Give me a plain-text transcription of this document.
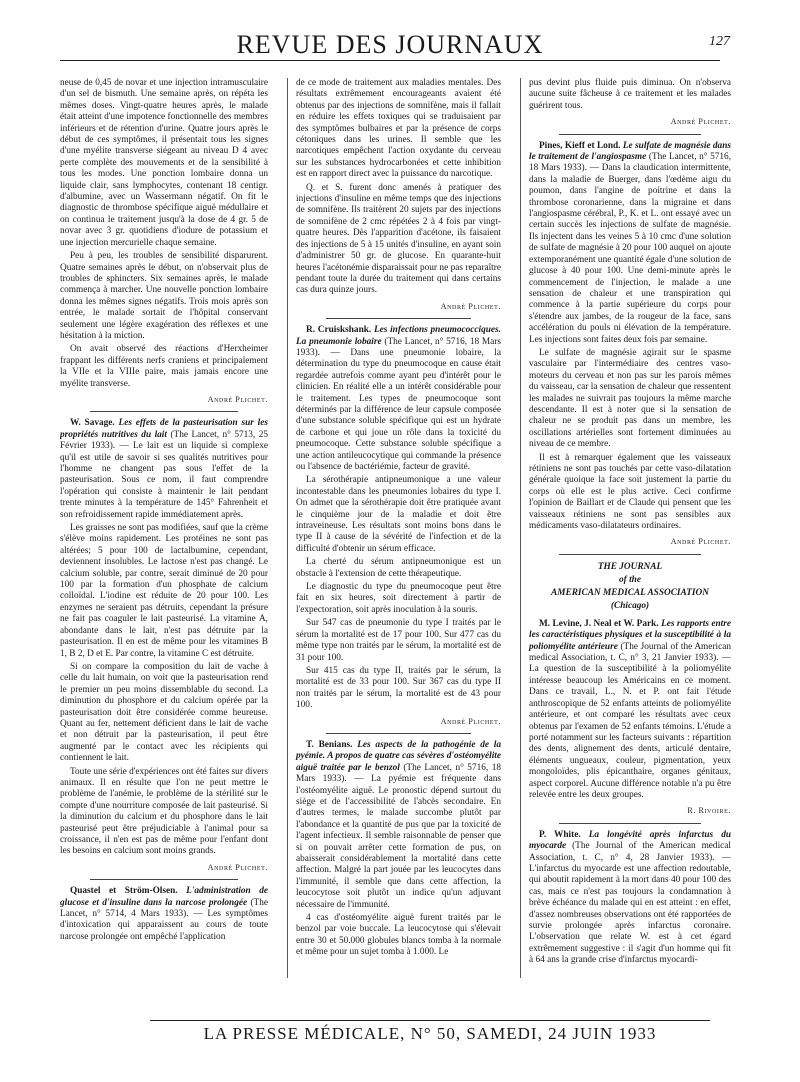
REVUE DES JOURNAUX	127

neuse de 0,45 de novar et une injection intramusculaire d'un sel de bismuth. Une semaine après, on répéta les mêmes doses. Vingt-quatre heures après, le malade était atteint d'une impotence fonctionnelle des membres inférieurs et de rétention d'urine. Quatre jours après le début de ces symptômes, il présentait tous les signes d'une myélite transverse siégeant au niveau D 4 avec perte complète des mouvements et de la sensibilité à tous les modes. Une ponction lombaire donna un liquide clair, sans lymphocytes, contenant 18 centigr. d'albumine, avec un Wassermann négatif. On fit le diagnostic de thrombose spécifique aiguë médullaire et on continua le traitement jusqu'à la dose de 4 gr. 5 de novar avec 3 gr. quotidiens d'iodure de potassium et une injection mercurielle chaque semaine.

Peu à peu, les troubles de sensibilité disparurent. Quatre semaines après le début, on n'observait plus de troubles de sphincters. Six semaines après, le malade commença à marcher. Une nouvelle ponction lombaire donna les mêmes signes négatifs. Trois mois après son entrée, le malade sortait de l'hôpital conservant seulement une légère exagération des réflexes et une hésitation à la miction.

On avait observé des réactions d'Herxheimer frappant les différents nerfs craniens et principalement la VIIe et la VIIIe paire, mais jamais encore une myélite transverse.

André Plichet.

W. Savage. Les effets de la pasteurisation sur les propriétés nutritives du lait (The Lancet, n° 5713, 25 Février 1933). — Le lait est un liquide si complexe qu'il est utile de savoir si ses qualités nutritives pour l'homme ne changent pas sous l'effet de la pasteurisation. Sous ce nom, il faut comprendre l'opération qui consiste à maintenir le lait pendant trente minutes à la température de 145° Fahrenheit et son refroidissement rapide immédiatement après.

Les graisses ne sont pas modifiées, sauf que la crème s'élève moins rapidement. Les protéines ne sont pas altérées; 5 pour 100 de lactalbumine, cependant, deviennent insolubles. Le lactose n'est pas changé. Le calcium soluble, par contre, serait diminué de 20 pour 100 par la formation d'un phosphate de calcium colloïdal. L'iodine est réduite de 20 pour 100. Les enzymes ne seraient pas détruits, cependant la présure ne fait pas coaguler le lait pasteurisé. La vitamine A, abondante dans le lait, n'est pas détruite par la pasteurisation. Il en est de même pour les vitamines B 1, B 2, D et E. Par contre, la vitamine C est détruite.

Si on compare la composition du lait de vache à celle du lait humain, on voit que la pasteurisation rend le premier un peu moins dissemblable du second. La diminution du phosphore et du calcium opérée par la pasteurisation doit être considérée comme heureuse. Quant au fer, nettement déficient dans le lait de vache et non détruit par la pasteurisation, il peut être augmenté par le contact avec les récipients qui contiennent le lait.

Toute une série d'expériences ont été faites sur divers animaux. Il en résulte que l'on ne peut mettre le problème de l'anémie, le problème de la stérilité sur le compte d'une nourriture composée de lait pasteurisé. Si la diminution du calcium et du phosphore dans le lait pasteurisé peut être préjudiciable à l'animal pour sa croissance, il n'en est pas de même pour l'enfant dont les besoins en calcium sont moins grands.

André Plichet.

Quastel et Ström-Olsen. L'administration de glucose et d'insuline dans la narcose prolongée (The Lancet, n° 5714, 4 Mars 1933). — Les symptômes d'intoxication qui apparaissent au cours de toute narcose prolongée ont empêché l'application

de ce mode de traitement aux maladies mentales. Des résultats extrêmement encourageants avaient été obtenus par des injections de somnifène, mais il fallait en réduire les effets toxiques qui se traduisaient par des symptômes bulbaires et par la présence de corps cétoniques dans les urines. Il semble que les narcotiques empêchent l'action oxydante du cerveau sur les substances hydrocarbonées et cette inhibition est en rapport direct avec la puissance du narcotique.

Q. et S. furent donc amenés à pratiquer des injections d'insuline en même temps que des injections de somnifène. Ils traitèrent 20 sujets par des injections de somnifène de 2 cmc répétées 2 à 4 fois par vingt-quatre heures. Dès l'apparition d'acétone, ils faisaient des injections de 5 à 15 unités d'insuline, en ayant soin d'administrer 50 gr. de glucose. En quarante-huit heures l'acétonémie disparaissait pour ne pas reparaître pendant toute la durée du traitement qui dans certains cas dura quinze jours.

André Plichet.

R. Cruiskshank. Les infections pneumococciques. La pneumonie lobaire (The Lancet, n° 5716, 18 Mars 1933). — Dans une pneumonie lobaire, la détermination du type du pneumocoque en cause était regardée autrefois comme ayant peu d'intérêt pour le clinicien. En réalité elle a un intérêt considérable pour le traitement. Les types de pneumocoque sont déterminés par la différence de leur capsule composée d'une substance soluble spécifique qui est un hydrate de carbone et qui joue un rôle dans la toxicité du pneumocoque. Cette substance soluble spécifique a une action antileucocytique qui commande la présence ou l'absence de bactériémie, facteur de gravité.

La sérothérapie antipneumonique a une valeur incontestable dans les pneumonies lobaires du type I. On admet que la sérothérapie doit être pratiquée avant le cinquième jour de la maladie et doit être intraveineuse. Les résultats sont moins bons dans le type II à cause de la sévérité de l'infection et de la difficulté d'obtenir un sérum efficace.

La cherté du sérum antipneumonique est un obstacle à l'extension de cette thérapeutique.

Le diagnostic du type du pneumocoque peut être fait en six heures, soit directement à partir de l'expectoration, soit après inoculation à la souris.

Sur 547 cas de pneumonie du type I traités par le sérum la mortalité est de 17 pour 100. Sur 477 cas du même type non traités par le sérum, la mortalité est de 31 pour 100.

Sur 415 cas du type II, traités par le sérum, la mortalité est de 33 pour 100. Sur 367 cas du type II non traités par le sérum, la mortalité est de 43 pour 100.

André Plichet.

T. Benians. Les aspects de la pathogénie de la pyémie. A propos de quatre cas sévères d'ostéomyélite aiguë traitée par le benzol (The Lancet, n° 5716, 18 Mars 1933). — La pyémie est fréquente dans l'ostéomyélite aiguë. Le pronostic dépend surtout du siège et de l'accessibilité de l'abcès secondaire. En d'autres termes, le malade succombe plutôt par l'abondance et la quantité de pus que par la toxicité de l'agent infectieux. Il semble raisonnable de penser que si on pouvait arrêter cette formation de pus, on abaisserait considérablement la mortalité dans cette affection. Malgré la part jouée par les leucocytes dans l'immunité, il semble que dans cette affection, la leucocytose soit plutôt un indice qu'un adjuvant nécessaire de l'immunité.

4 cas d'ostéomyélite aiguë furent traités par le benzol par voie buccale. La leucocytose qui s'élevait entre 30 et 50.000 globules blancs tomba à la normale et même pour un sujet tomba à 1.000. Le

pus devint plus fluide puis diminua. On n'observa aucune suite fâcheuse à ce traitement et les malades guérirent tous.

André Plichet.

Pines, Kieff et Lond. Le sulfate de magnésie dans le traitement de l'angiospasme (The Lancet, n° 5716, 18 Mars 1933). — Dans la claudication intermittente, dans la maladie de Buerger, dans l'œdème aigu du poumon, dans l'angine de poitrine et dans la thrombose coronarienne, dans la migraine et dans l'angiospasme cérébral, P., K. et L. ont essayé avec un certain succès les injections de sulfate de magnésie. Ils injectent dans les veines 5 à 10 cmc d'une solution de sulfate de magnésie à 20 pour 100 auquel on ajoute extemporanément une quantité égale d'une solution de glucose à 40 pour 100. Une demi-minute après le commencement de l'injection, le malade a une sensation de chaleur et une transpiration qui commence à la partie supérieure du corps pour s'étendre aux jambes, de la rougeur de la face, sans accélération du pouls ni élévation de la température. Les injections sont faites deux fois par semaine.

Le sulfate de magnésie agirait sur le spasme vasculaire par l'intermédiaire des centres vaso-moteurs du cerveau et non pas sur les parois mêmes du vaisseau, car la sensation de chaleur que ressentent les malades ne suivrait pas toujours la même marche descendante. Il est à noter que si la sensation de chaleur ne se produit pas dans un membre, les oscillations artérielles sont fortement diminuées au niveau de ce membre.

Il est à remarquer également que les vaisseaux rétiniens ne sont pas touchés par cette vaso-dilatation générale quoique la face soit justement la partie du corps où elle est le plus active. Ceci confirme l'opinion de Baillart et de Claude qui pensent que les vaisseaux rétiniens ne sont pas sensibles aux médicaments vaso-dilatateurs ordinaires.

André Plichet.
THE JOURNAL
of the
AMERICAN MEDICAL ASSOCIATION
(Chicago)

M. Levine, J. Neal et W. Park. Les rapports entre les caractéristiques physiques et la susceptibilité à la poliomyélite antérieure (The Journal of the American medical Association, t. C, n° 3, 21 Janvier 1933). — La question de la susceptibilité à la poliomyélite intéresse beaucoup les Américains en ce moment. Dans ce travail, L., N. et P. ont fait l'étude anthroscopique de 52 enfants atteints de poliomyélite antérieure, et ont comparé les résultats avec ceux obtenus par l'examen de 52 enfants témoins. L'étude a porté notamment sur les facteurs suivants : répartition des dents, alignement des dents, articulé dentaire, éléments ungueaux, couleur, pigmentation, yeux mongoloïdes, plis épicanthaire, organes génitaux, aspect corporel. Aucune différence notable n'a pu être relevée entre les deux groupes.

R. Rivoire.

P. White. La longévité après infarctus du myocarde (The Journal of the American medical Association, t. C, n° 4, 28 Janvier 1933). — L'infarctus du myocarde est une affection redoutable, qui aboutit rapidement à la mort dans 40 pour 100 des cas, mais ce n'est pas toujours la condamnation à brève échéance du malade qui en est atteint : en effet, d'assez nombreuses observations ont été rapportées de survie prolongée après infarctus coronaire. L'observation que relate W. est à cet égard extrêmement suggestive : il s'agit d'un homme qui fit à 64 ans la grande crise d'infarctus myocardi-

LA PRESSE MÉDICALE, N° 50, SAMEDI, 24 JUIN 1933
